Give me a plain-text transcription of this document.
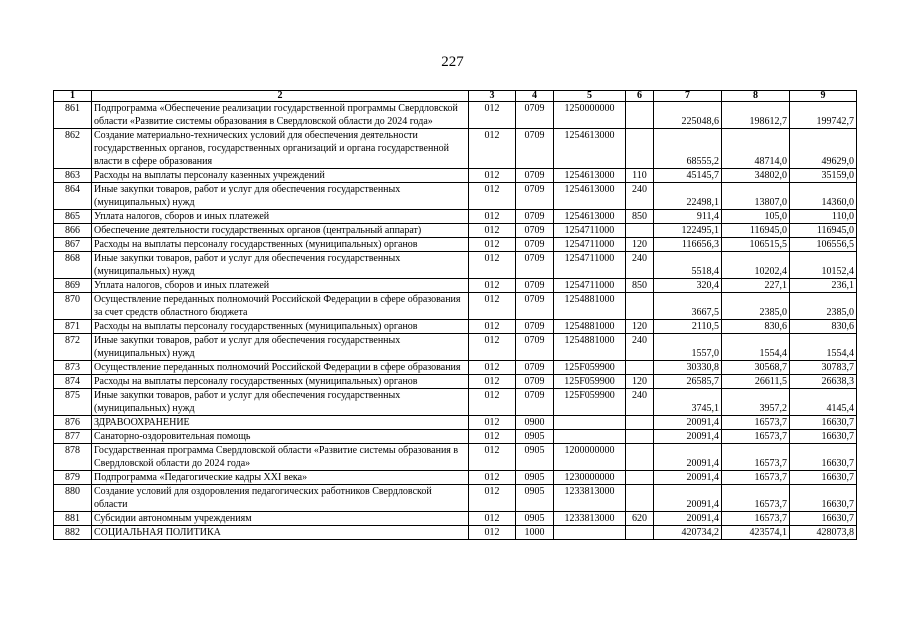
227
1	2	3	4	5	6	7	8	9
861	Подпрограмма «Обеспечение реализации государственной программы Свердловской области «Развитие системы образования в Свердловской области до 2024 года»	012	0709	1250000000		225048,6	198612,7	199742,7
862	Создание материально-технических условий для обеспечения деятельности государственных органов, государственных организаций и органа государственной власти в сфере образования	012	0709	1254613000		68555,2	48714,0	49629,0
863	Расходы на выплаты персоналу казенных учреждений	012	0709	1254613000	110	45145,7	34802,0	35159,0
864	Иные закупки товаров, работ и услуг для обеспечения государственных (муниципальных) нужд	012	0709	1254613000	240	22498,1	13807,0	14360,0
865	Уплата налогов, сборов и иных платежей	012	0709	1254613000	850	911,4	105,0	110,0
866	Обеспечение деятельности государственных органов (центральный аппарат)	012	0709	1254711000		122495,1	116945,0	116945,0
867	Расходы на выплаты персоналу государственных (муниципальных) органов	012	0709	1254711000	120	116656,3	106515,5	106556,5
868	Иные закупки товаров, работ и услуг для обеспечения государственных (муниципальных) нужд	012	0709	1254711000	240	5518,4	10202,4	10152,4
869	Уплата налогов, сборов и иных платежей	012	0709	1254711000	850	320,4	227,1	236,1
870	Осуществление переданных полномочий Российской Федерации в сфере образования за счет средств областного бюджета	012	0709	1254881000		3667,5	2385,0	2385,0
871	Расходы на выплаты персоналу государственных (муниципальных) органов	012	0709	1254881000	120	2110,5	830,6	830,6
872	Иные закупки товаров, работ и услуг для обеспечения государственных (муниципальных) нужд	012	0709	1254881000	240	1557,0	1554,4	1554,4
873	Осуществление переданных полномочий Российской Федерации в сфере образования	012	0709	125F059900		30330,8	30568,7	30783,7
874	Расходы на выплаты персоналу государственных (муниципальных) органов	012	0709	125F059900	120	26585,7	26611,5	26638,3
875	Иные закупки товаров, работ и услуг для обеспечения государственных (муниципальных) нужд	012	0709	125F059900	240	3745,1	3957,2	4145,4
876	ЗДРАВООХРАНЕНИЕ	012	0900			20091,4	16573,7	16630,7
877	Санаторно-оздоровительная помощь	012	0905			20091,4	16573,7	16630,7
878	Государственная программа Свердловской области «Развитие системы образования в Свердловской области до 2024 года»	012	0905	1200000000		20091,4	16573,7	16630,7
879	Подпрограмма «Педагогические кадры XXI века»	012	0905	1230000000		20091,4	16573,7	16630,7
880	Создание условий для оздоровления педагогических работников Свердловской области	012	0905	1233813000		20091,4	16573,7	16630,7
881	Субсидии автономным учреждениям	012	0905	1233813000	620	20091,4	16573,7	16630,7
882	СОЦИАЛЬНАЯ ПОЛИТИКА	012	1000			420734,2	423574,1	428073,8
